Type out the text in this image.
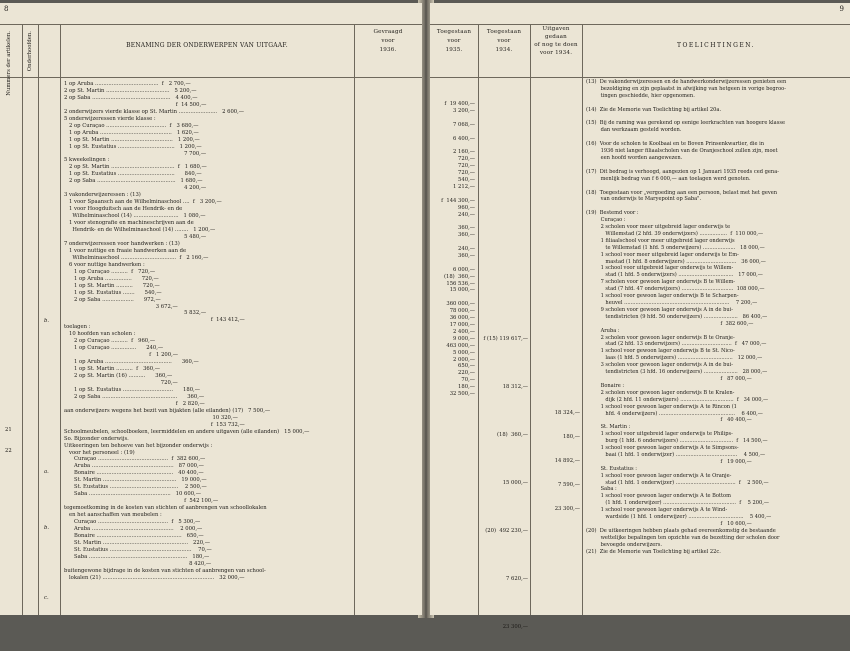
8
Nummers der artikelen.	Onderhoofden.	BENAMING DER ONDERWERPEN VAN UITGAAF.
Gevraagd
voor
1936.
21
22
b.
a.
b.
c.
1 op Aruba ......................................  f   2 700,—
2 op St. Martin ......................................   5 200,—
2 op Saba ...............................................   4 400,—
f  14 500,—
2 onderwijzers vierde klasse op St. Martin .......................   2 600,—
5 onderwijzeressen vierde klasse :
2 op Curaçao ....................................  f   3 680,—
1 op Aruba ...........................................   1 620,—
1 op St. Martin .....................................   1 200,—
1 op St. Eustatius ..................................   1 200,—
7 700,—
5 kweekelingen :
2 op St. Martin ......................................  f   1 680,—
1 op St. Eustatius ..................................      840,—
2 op Saba ...............................................   1 680,—
4 200,—
3 vakonderwijzeressen : (13)
1 voor Spaansch aan de Wilhelminaschool ....  f   3 200,—
1 voor Hoogduitsch aan de Hendrik- en de
Wilhelminaschool (14) ...........................   1 080,—
1 voor stenografie en machineschrijven aan de
Hendrik- en de Wilhelminaschool (14) ........   1 200,—
5 480,—
7 onderwijzeressen voor handwerken : (13)
1 voor nuttige en fraaie handwerken aan de
Wilhelminaschool .................................  f   2 160,—
6 voor nuttige handwerken :
1 op Curaçao ..........  f   720,—
1 op Aruba ................      720,—
1 op St. Martin ..........      720,—
1 op St. Eustatius .......      540,—
2 op Saba ...................      972,—
3 672,—
5 832,—
f  143 412,—
toelagen :
10 hoofden van scholen :
2 op Curaçao ..........  f   960,—
1 op Curaçao ...............      240,—
f   1 200,—
1 op Aruba ........................................      360,—
1 op St. Martin ..........  f   360,—
2 op St. Martin (16) ..........      360,—
720,—
1 op St. Eustatius ..............................      180,—
2 op Saba .............................................      360,—
f   2 820,—
aan onderwijzers wegens het bezit van bijakten (alle eilanden) (17)   7 500,—
10 320,—
f  153 732,—
Schoolmeubelen, schoolboeken, leermiddelen en andere uitgaven (alle eilanden)   15 000,—
So. Bijzonder onderwijs.
Uitkeeringen ten behoeve van het bijzonder onderwijs :
voor het personeel : (19)
Curaçao ..........................................  f  382 600,—
Aruba .................................................   87 000,—
Bonaire ..............................................   40 400,—
St. Martin ............................................   19 000,—
St. Eustatius .........................................    2 500,—
Saba .................................................   10 600,—
f  542 100,—
tegemoetkoming in de kosten van stichten of aanbrengen van schoollokalen
en het aanschaffen van meubelen :
Curaçao ..........................................  f   5 300,—
Aruba .................................................    2 000,—
Bonaire ...................................................   650,—
St. Martin ...................................................   220,—
St. Eustatius .................................................    70,—
Saba ...........................................................   180,—
8 420,—
buitengewone bijdrage in de kosten van stichten of aanbrengen van school-
lokalen (21) ...................................................................   32 000,—
9
Toegestaan
voor
1935.
Toegestaan
voor
1934.
Uitgaven
gedaan
of nog te doen
voor 1934.
TOELICHTINGEN.
f  19 400,—
3 200,—

7 068,—

6 400,—

2 160,—
720,—
720,—
720,—
540,—
1 212,—

f  144 300,—
960,—
240,—

360,—
360,—

240,—
360,—

6 000,—
(18)  360,—
156 536,—
15 000,—

360 000,—
78 000,—
36 000,—
17 000,—
2 400,—
9 000,—
463 000,—
5 000,—
2 000,—
650,—
220,—
70,—
180,—
32 500,—
f (15) 119 617,—
18 312,—
(18)  360,—
15 000,—
(20)  492 230,—
7 620,—
23 300,—
18 324,—
180,—
14 892,—
7 590,—
23 300,—
(13)  De vakonderwijzeressen en de handwerkonderwijzeressen genieten een
bezoldiging en zijn geplaatst in afwijking van hetgeen in vorige begroo-
tingen geschiedde, hier opgenomen.

(14)  Zie de Memorie van Toelichting bij artikel 20a.

(15)  Bij de raming was gerekend op eenige leerkrachten van hoogere klasse
dan werkzaam gesteld worden.

(16)  Voor de scholen te Koolbaai en te Boven Prinsenkwartier, die in
1936 niet langer filiaalscholen van de Oranjeschool zullen zijn, moet
een hoofd worden aangewezen.

(17)  Dit bedrag is verhoogd, aangezien op 1 Januari 1935 reeds ced gena-
menlijk bedrag van f 6 000,— aan toelagen werd genoten.

(18)  Toegestaan voor „vergoeding aan een persoon, belast met het geven
van onderwijs te Maryepoint op Saba".

(19)  Bestemd voor :
Curaçao :
2 scholen voor meer uitgebreid lager onderwijs te
Willemstad (2 hfd. 39 onderwijzers) .................  f  110 000,—
1 filiaalschool voor meer uitgebreid lager onderwijs
te Willemstad (1 hfd. 5 onderwijzers) ....................   18 000,—
1 school voor meer uitgebreid lager onderwijs te Em-
mastad (1 hfd. 8 onderwijzers) ...............................   36 000,—
1 school voor uitgebreid lager onderwijs te Willem-
stad (1 hfd. 5 onderwijzers) ..................................   17 000,—
7 scholen voor gewoon lager onderwijs B te Willem-
stad (7 hfd. 47 onderwijzers) ................................  108 000,—
1 school voor gewoon lager onderwijs B te Scharpen-
heuvel .................................................................    7 200,—
9 scholen voor gewoon lager onderwijs A in de bui-
tendistricten (9 hfd. 50 onderwijzers) .....................   86 400,—
f  382 600,—
Aruba :
2 scholen voor gewoon lager onderwijs B te Oranje-
stad (2 hfd. 13 onderwijzers) ...............................  f   47 000,—
1 school voor gewoon lager onderwijs B te St. Nico-
laas (1 hfd. 5 onderwijzers) ..................................   12 000,—
3 scholen voor gewoon lager onderwijs A in de bui-
tendistricten (3 hfd. 16 onderwijzers) .....................   28 000,—
f   87 000,—
Bonaire :
2 scholen voor gewoon lager onderwijs B te Kralen-
dijk (2 hfd. 11 onderwijzers) .................................  f   34 000,—
1 school voor gewoon lager onderwijs A te Rincon (1
hfd. 4 onderwijzers) ...............................................    6 400,—
f   40 400,—
St. Martin :
1 school voor uitgebreid lager onderwijs te Philips-
burg (1 hfd. 6 onderwijzers) .................................  f   14 500,—
1 school voor gewoon lager onderwijs A te Simpsons-
baai (1 hfd. 1 onderwijzer) ......................................    4 500,—
f   19 000,—
St. Eustatius :
1 school voor gewoon lager onderwijs A te Oranje-
stad (1 hfd. 1 onderwijzer) .....................................  f    2 500,—
Saba :
1 school voor gewoon lager onderwijs A te Bottom
(1 hfd. 1 onderwijzer) .............................................  f    5 200,—
1 school voor gewoon lager onderwijs A te Wind-
wardside (1 hfd. 1 onderwijzer) ..................................    5 400,—
f   10 600,—
(20)  De uitkeeringen hebben plaats gehad overeenkomstig de bestaande
wettelijke bepalingen ten opzichte van de bezetting der scholen door
bevoegde onderwijzers.
(21)  Zie de Memorie van Toelichting bij artikel 22c.
